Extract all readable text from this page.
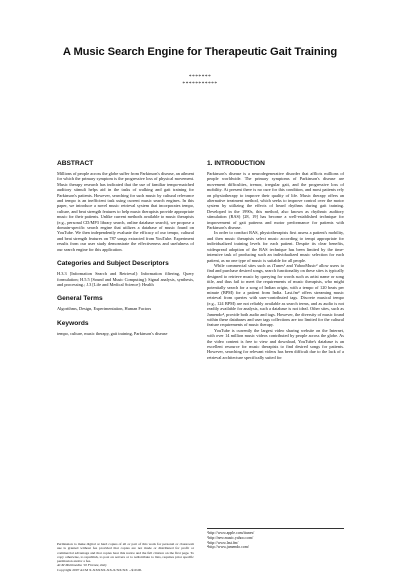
A Music Search Engine for Therapeutic Gait Training
*******
***********
ABSTRACT

Millions of people across the globe suffer from Parkinson's disease, an ailment for which the primary symptom is the progressive loss of physical movement. Music therapy research has indicated that the use of familiar tempo-matched auditory stimuli helps aid in the tasks of walking and gait training for Parkinson's patients. However, searching for such music by cultural relevance and tempo is an inefficient task using current music search engines. In this paper, we introduce a novel music retrieval system that incorporates tempo, culture, and beat strength features to help music therapists provide appropriate music for their patients. Unlike current methods available to music therapists (e.g., personal CD/MP3 library search, online database search), we propose a domain-specific search engine that utilizes a database of music found on YouTube. We then independently evaluate the efficacy of our tempo, cultural and beat strength features on 787 songs extracted from YouTube. Experiment results from our user study demonstrate the effectiveness and usefulness of our search engine for this application.

Categories and Subject Descriptors

H.3.3 [Information Search and Retrieval]: Information filtering, Query formulation; H.5.5 [Sound and Music Computing]: Signal analysis, synthesis, and processing.; J.3 [Life and Medical Science]: Health

General Terms

Algorithms, Design, Experimentation, Human Factors

Keywords

tempo, culture, music therapy, gait training, Parkinson's disease

Permission to make digital or hard copies of all or part of this work for personal or classroom use is granted without fee provided that copies are not made or distributed for profit or commercial advantage and that copies bear this notice and the full citation on the first page. To copy otherwise, to republish, to post on servers or to redistribute to lists, requires prior specific permission and/or a fee.
ACM Multimedia '10 Firenze, Italy
Copyright 2007 ACM X-XXXXX-XX-X/XX/XX ...$10.00.
1. INTRODUCTION

Parkinson's disease is a neurodegenerative disorder that afflicts millions of people worldwide. The primary symptoms of Parkinson's disease are movement difficulties, tremor, irregular gait, and the progressive loss of mobility. At present there is no cure for this condition, and most patients rely on physiotherapy to improve their quality of life. Music therapy offers an alternative treatment method, which seeks to improve control over the motor system by utilizing the effects of heard rhythms during gait training. Developed in the 1990s, this method, also known as rhythmic auditory stimulation (RAS) [28, 19] has become a well-established technique for improvement of gait patterns and motor performance for patients with Parkinson's disease.

In order to conduct RAS, physiotherapists first assess a patient's mobility, and then music therapists select music according to tempi appropriate for individualized training levels for each patient. Despite its clear benefits, widespread adoption of the RAS technique has been limited by the time-intensive task of producing such an individualized music selection for each patient, as no one type of music is suitable for all people.

While commercial sites such as iTunes¹ and YahooMusic² allow users to find and purchase desired songs, search functionality on these sites is typically designed to retrieve music by querying for words such as artist name or song title, and thus fail to meet the requirements of music therapists, who might potentially search for a song of Indian origin, with a tempo of 120 beats per minute (BPM) for a patient from India. Last.fm³ offers streaming music retrieval from queries with user-contributed tags. Discrete musical tempo (e.g., 124 BPM) are not reliably available as search terms, and as audio is not readily available for analysis, such a database is not ideal. Other sites, such as Jamendo⁴, provide both audio and tags. However, the diversity of music found within these databases and user tags collections are too limited for the cultural feature requirements of music therapy.

YouTube is currently the largest video sharing website on the Internet, with over 14 million music videos contributed by people across the globe. As the video content is free to view and download, YouTube's database is an excellent resource for music therapists to find desired songs for patients. However, searching for relevant videos has been difficult due to the lack of a retrieval architecture specifically suited for

¹http://www.apple.com/itunes/
²http://new.music.yahoo.com/
³http://www.last.fm/
⁴http://www.jamendo.com/
